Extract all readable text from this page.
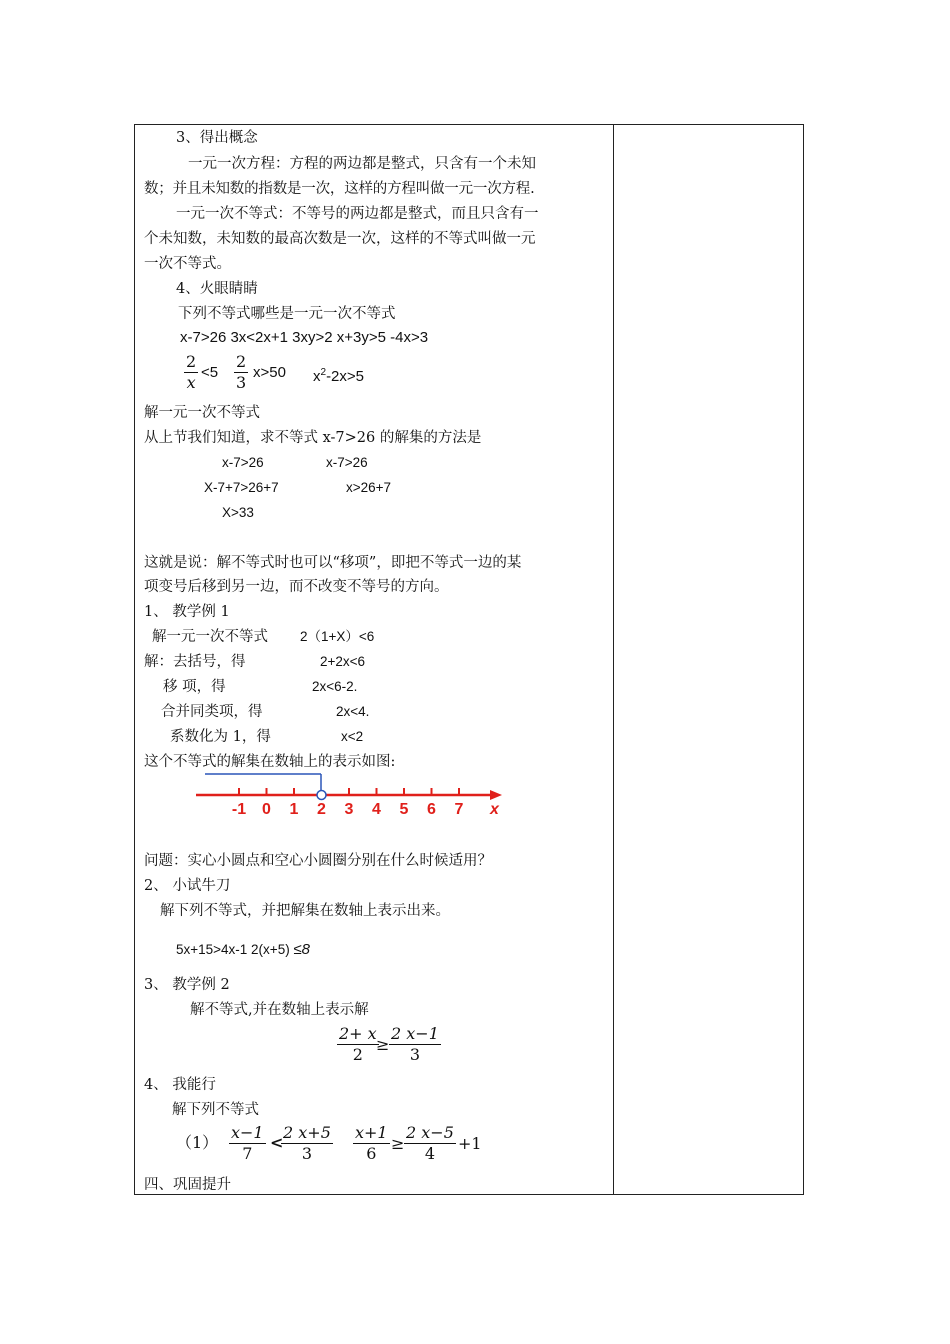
3、得出概念
一元一次方程：方程的两边都是整式，只含有一个未知
数；并且未知数的指数是一次，这样的方程叫做一元一次方程.
一元一次不等式：不等号的两边都是整式，而且只含有一
个未知数，未知数的最高次数是一次，这样的不等式叫做一元
一次不等式。
4、火眼睛睛
下列不等式哪些是一元一次不等式
x-7>26 3x<2x+1 3xy>2 x+3y>5 -4x>3
$\frac{2}{x} <5 \frac{2}{3} x>50$ $x^2-2x>5$
解一元一次不等式
从上节我们知道，求不等式 x-7>26 的解集的方法是
x-7>26	x-7>26
X-7+7>26+7	x>26+7
X>33
这就是说：解不等式时也可以“移项”，即把不等式一边的某
项变号后移到另一边，而不改变不等号的方向。
1、 教学例 1
解一元一次不等式 2（1+X）<6
解：去括号，得	2+2x<6
移 项，得	2x<6-2.
合并同类项，得	2x<4.
系数化为 1，得	x<2
这个不等式的解集在数轴上的表示如图:
-1 0 1 2 3 4 5 6 7 x
问题：实心小圆点和空心小圆圈分别在什么时候适用？
2、 小试牛刀
解下列不等式，并把解集在数轴上表示出来。
5x+15>4x-1 2(x+5) ≤8
3、 教学例 2
解不等式,并在数轴上表示解
$\frac{2+ x}{2}$
≥ $\frac{2 x-1}{3}$
4、 我能行
解下列不等式
$(1) \frac{x-1}{7}$ <
$\frac{2 x+5}{3} \frac{x+1}{6} \ge \frac{2 x-5}{4} +1$
四、巩固提升
